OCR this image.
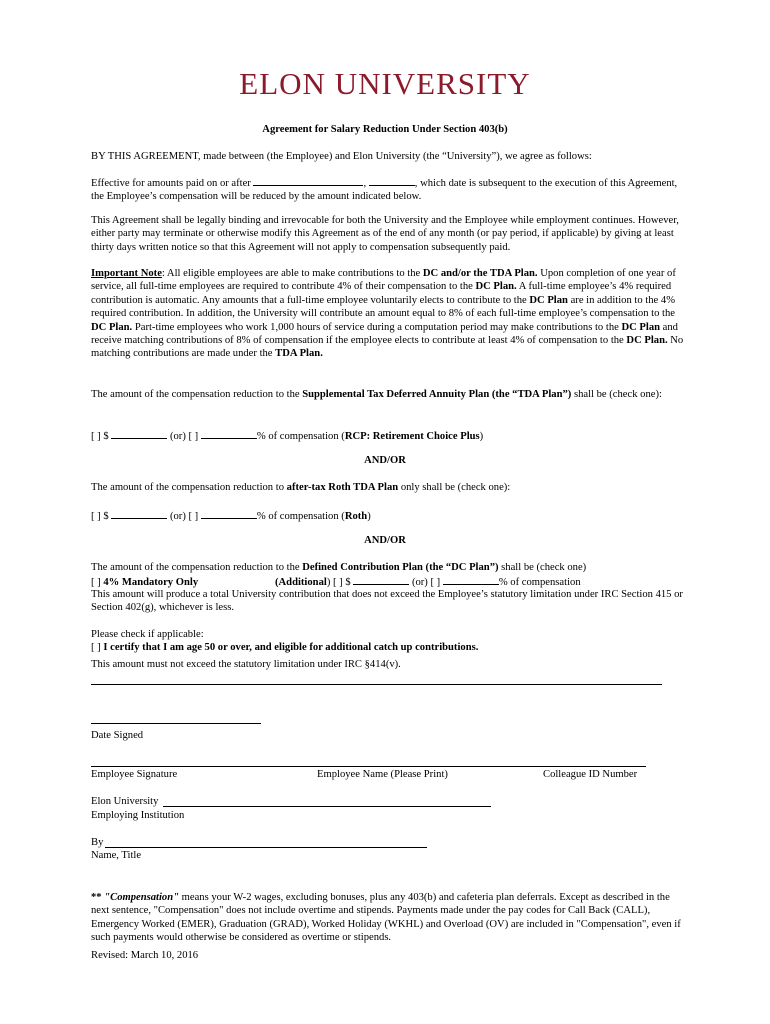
ELON UNIVERSITY
Agreement for Salary Reduction Under Section 403(b)

BY THIS AGREEMENT, made between (the Employee) and Elon University (the “University”), we agree as follows:

Effective for amounts paid on or after	,	, which date is subsequent to the execution of this Agreement, the Employee’s compensation will be reduced by the amount indicated below.

This Agreement shall be legally binding and irrevocable for both the University and the Employee while employment continues. However, either party may terminate or otherwise modify this Agreement as of the end of any month (or pay period, if applicable) by giving at least thirty days written notice so that this Agreement will not apply to compensation subsequently paid.

Important Note: All eligible employees are able to make contributions to the DC and/or the TDA Plan. Upon completion of one year of service, all full-time employees are required to contribute 4% of their compensation to the DC Plan. A full-time employee’s 4% required contribution is automatic. Any amounts that a full-time employee voluntarily elects to contribute to the DC Plan are in addition to the 4% required contribution. In addition, the University will contribute an amount equal to 8% of each full-time employee’s compensation to the DC Plan. Part-time employees who work 1,000 hours of service during a computation period may make contributions to the DC Plan and receive matching contributions of 8% of compensation if the employee elects to contribute at least 4% of compensation to the DC Plan. No matching contributions are made under the TDA Plan.

The amount of the compensation reduction to the Supplemental Tax Deferred Annuity Plan (the “TDA Plan”) shall be (check one):

[ ] $	(or) [ ]	% of compensation (RCP: Retirement Choice Plus)

AND/OR

The amount of the compensation reduction to after-tax Roth TDA Plan only shall be (check one):

[ ] $	(or) [ ]	% of compensation (Roth)

AND/OR

The amount of the compensation reduction to the Defined Contribution Plan (the “DC Plan”) shall be (check one)

[ ] 4% Mandatory Only	(Additional) [ ] $	(or) [ ]	% of compensation

This amount will produce a total University contribution that does not exceed the Employee’s statutory limitation under IRC Section 415 or Section 402(g), whichever is less.

Please check if applicable:

[ ] I certify that I am age 50 or over, and eligible for additional catch up contributions.

This amount must not exceed the statutory limitation under IRC §414(v).

Date Signed
Employee Signature	Employee Name (Please Print)	Colleague ID Number
Elon University
Employing Institution
By
Name, Title

** "Compensation" means your W-2 wages, excluding bonuses, plus any 403(b) and cafeteria plan deferrals. Except as described in the next sentence, "Compensation" does not include overtime and stipends. Payments made under the pay codes for Call Back (CALL), Emergency Worked (EMER), Graduation (GRAD), Worked Holiday (WKHL) and Overload (OV) are included in "Compensation", even if such payments would otherwise be considered as overtime or stipends.

Revised: March 10, 2016
